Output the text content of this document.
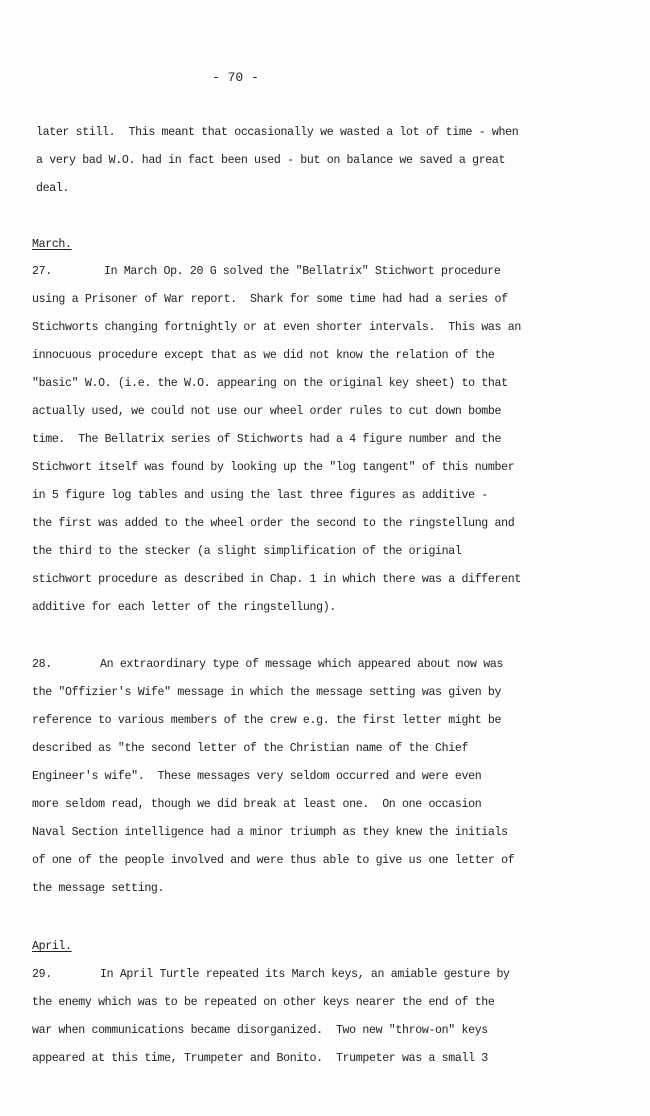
- 70 -
later still.  This meant that occasionally we wasted a lot of time - when
a very bad W.O. had in fact been used - but on balance we saved a great
deal.
March.
27.	In March Op. 20 G solved the "Bellatrix" Stichwort procedure
using a Prisoner of War report.  Shark for some time had had a series of
Stichworts changing fortnightly or at even shorter intervals.  This was an
innocuous procedure except that as we did not know the relation of the
"basic" W.O. (i.e. the W.O. appearing on the original key sheet) to that
actually used, we could not use our wheel order rules to cut down bombe
time.  The Bellatrix series of Stichworts had a 4 figure number and the
Stichwort itself was found by looking up the "log tangent" of this number
in 5 figure log tables and using the last three figures as additive -
the first was added to the wheel order the second to the ringstellung and
the third to the stecker (a slight simplification of the original
stichwort procedure as described in Chap. 1 in which there was a different
additive for each letter of the ringstellung).
28.	An extraordinary type of message which appeared about now was
the "Offizier's Wife" message in which the message setting was given by
reference to various members of the crew e.g. the first letter might be
described as "the second letter of the Christian name of the Chief
Engineer's wife".  These messages very seldom occurred and were even
more seldom read, though we did break at least one.  On one occasion
Naval Section intelligence had a minor triumph as they knew the initials
of one of the people involved and were thus able to give us one letter of
the message setting.
April.
29.	In April Turtle repeated its March keys, an amiable gesture by
the enemy which was to be repeated on other keys nearer the end of the
war when communications became disorganized.  Two new "throw-on" keys
appeared at this time, Trumpeter and Bonito.  Trumpeter was a small 3
